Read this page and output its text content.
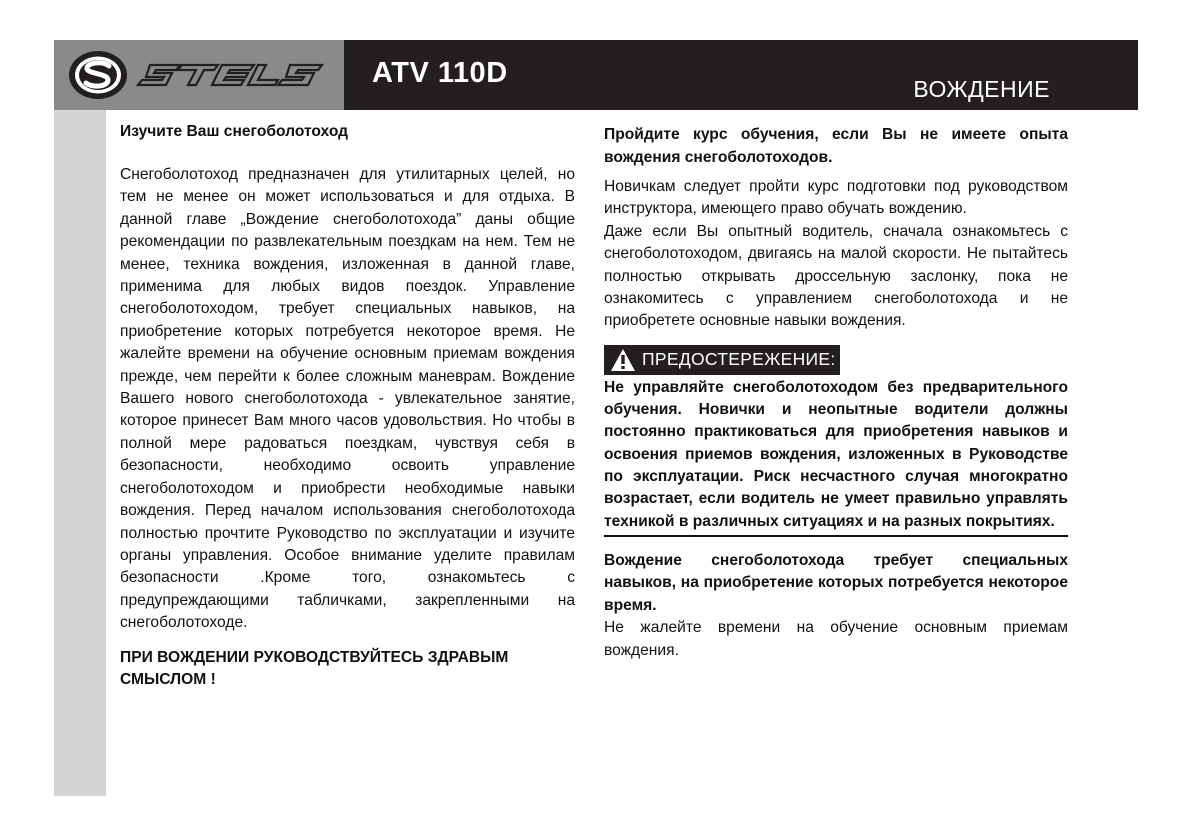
ATV 110D	ВОЖДЕНИЕ

Изучите Ваш снегоболотоход

Снегоболотоход предназначен для утилитарных целей, но тем не менее он может использоваться и для отдыха. В данной главе „Вождение снегоболотохода” даны общие рекомендации по развлекательным поездкам на нем. Тем не менее, техника вождения, изложенная в данной главе, применима для любых видов поездок. Управление снегоболотоходом, требует специальных навыков, на приобретение которых потребуется некоторое время. Не жалейте времени на обучение основным приемам вождения прежде, чем перейти к более сложным маневрам. Вождение Вашего нового снегоболотохода - увлекательное занятие, которое принесет Вам много часов удовольствия. Но чтобы в полной мере радоваться поездкам, чувствуя себя в безопасности, необходимо освоить управление снегоболотоходом и приобрести необходимые навыки вождения. Перед началом использования снегоболотохода полностью прочтите Руководство по эксплуатации и изучите органы управления. Особое внимание уделите правилам безопасности .Кроме того, ознакомьтесь с предупреждающими табличками, закрепленными на снегоболотоходе.

ПРИ ВОЖДЕНИИ РУКОВОДСТВУЙТЕСЬ ЗДРАВЫМ СМЫСЛОМ !

Пройдите курс обучения, если Вы не имеете опыта вождения снегоболотоходов.

Новичкам следует пройти курс подготовки под руководством инструктора, имеющего право обучать вождению.

Даже если Вы опытный водитель, сначала ознакомьтесь с снегоболотоходом, двигаясь на малой скорости. Не пытайтесь полностью открывать дроссельную заслонку, пока не ознакомитесь с управлением снегоболотохода и не приобретете основные навыки вождения.

ПРЕДОСТЕРЕЖЕНИЕ:

Не управляйте снегоболотоходом без предварительного обучения. Новички и неопытные водители должны постоянно практиковаться для приобретения навыков и освоения приемов вождения, изложенных в Руководстве по эксплуатации. Риск несчастного случая многократно возрастает, если водитель не умеет правильно управлять техникой в различных ситуациях и на разных покрытиях.

Вождение снегоболотохода требует специальных навыков, на приобретение которых потребуется некоторое время.

Не жалейте времени на обучение основным приемам вождения.
